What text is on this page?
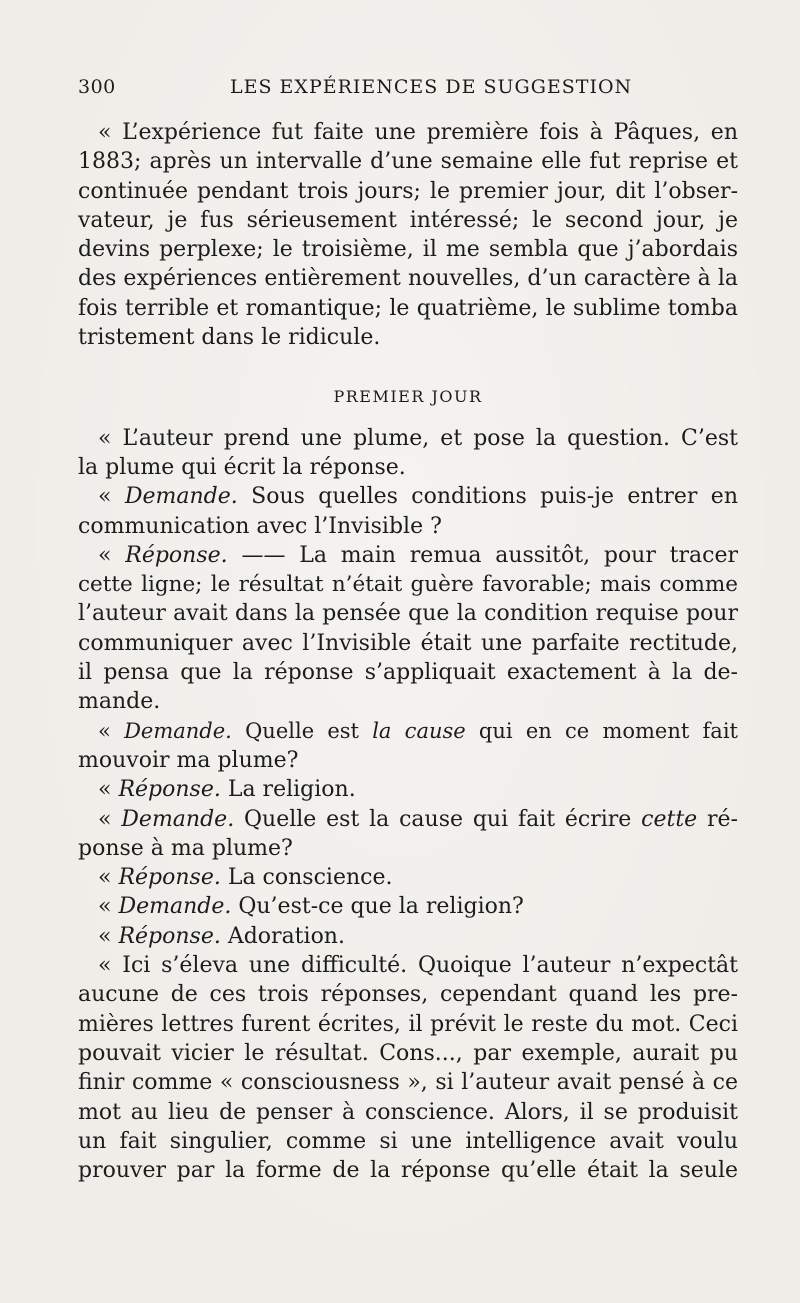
300	LES EXPÉRIENCES DE SUGGESTION
« L’expérience fut faite une première fois à Pâques, en
1883; après un intervalle d’une semaine elle fut reprise et
continuée pendant trois jours; le premier jour, dit l’obser-
vateur, je fus sérieusement intéressé; le second jour, je
devins perplexe; le troisième, il me sembla que j’abordais
des expériences entièrement nouvelles, d’un caractère à la
fois terrible et romantique; le quatrième, le sublime tomba
tristement dans le ridicule.
PREMIER JOUR
« L’auteur prend une plume, et pose la question. C’est
la plume qui écrit la réponse.
« Demande. Sous quelles conditions puis-je entrer en
communication avec l’Invisible ?
« Réponse. —— La main remua aussitôt, pour tracer
cette ligne; le résultat n’était guère favorable; mais comme
l’auteur avait dans la pensée que la condition requise pour
communiquer avec l’Invisible était une parfaite rectitude,
il pensa que la réponse s’appliquait exactement à la de-
mande.
« Demande. Quelle est la cause qui en ce moment fait
mouvoir ma plume?
« Réponse. La religion.
« Demande. Quelle est la cause qui fait écrire cette ré-
ponse à ma plume?
« Réponse. La conscience.
« Demande. Qu’est-ce que la religion?
« Réponse. Adoration.
« Ici s’éleva une difficulté. Quoique l’auteur n’expectât
aucune de ces trois réponses, cependant quand les pre-
mières lettres furent écrites, il prévit le reste du mot. Ceci
pouvait vicier le résultat. Cons..., par exemple, aurait pu
finir comme « consciousness », si l’auteur avait pensé à ce
mot au lieu de penser à conscience. Alors, il se produisit
un fait singulier, comme si une intelligence avait voulu
prouver par la forme de la réponse qu’elle était la seule
